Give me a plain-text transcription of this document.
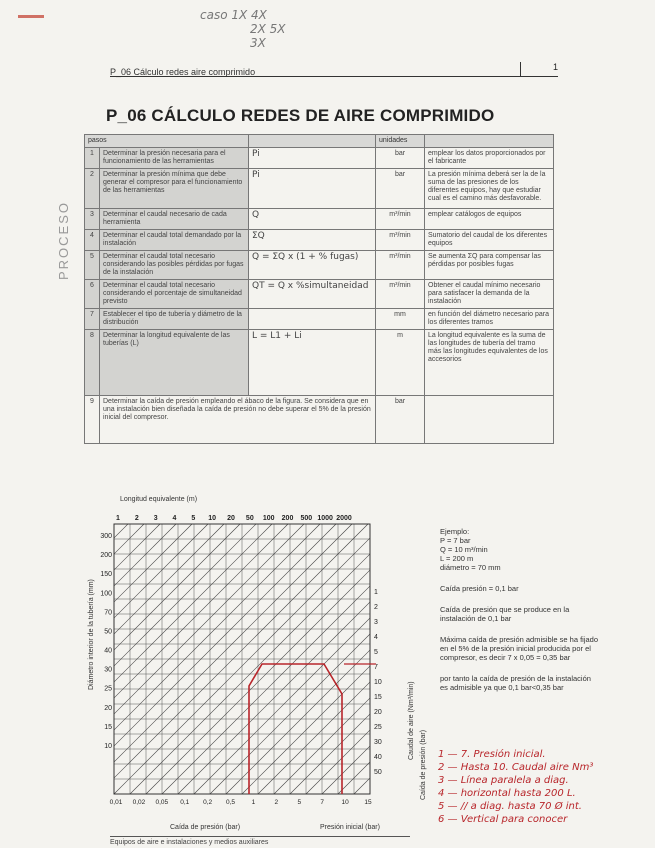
caso 1X 4X
2X 5X
3X
P_06 Cálculo redes aire comprimido	1
P_06 CÁLCULO REDES DE AIRE COMPRIMIDO
PROCESO
pasos			unidades	
1	Determinar la presión necesaria para el funcionamiento de las herramientas	Pi	bar	emplear los datos proporcionados por el fabricante
2	Determinar la presión mínima que debe generar el compresor para el funcionamiento de las herramientas	Pi	bar	La presión mínima deberá ser la de la suma de las presiones de los diferentes equipos, hay que estudiar cual es el camino más desfavorable.
3	Determinar el caudal necesario de cada herramienta	Q	m³/min	emplear catálogos de equipos
4	Determinar el caudal total demandado por la instalación	ΣQ	m³/min	Sumatorio del caudal de los diferentes equipos
5	Determinar el caudal total necesario considerando las posibles pérdidas por fugas de la instalación	Q = ΣQ x (1 + % fugas)	m³/min	Se aumenta ΣQ para compensar las pérdidas por posibles fugas
6	Determinar el caudal total necesario considerando el porcentaje de simultaneidad previsto	QT = Q x %simultaneidad	m³/min	Obtener el caudal mínimo necesario para satisfacer la demanda de la instalación
7	Establecer el tipo de tubería y diámetro de la distribución		mm	en función del diámetro necesario para los diferentes tramos
8	Determinar la longitud equivalente de las tuberías (L)	L = L1 + Li	m	La longitud equivalente es la suma de las longitudes de tubería del tramo más las longitudes equivalentes de los accesorios
9	Determinar la caída de presión empleando el ábaco de la figura. Se considera que en una instalación bien diseñada la caída de presión no debe superar el 5% de la presión inicial del compresor.		bar	
Longitud equivalente (m)
1 2 3 4 5 10 20 50 100 200 500 1000 2000
300
200
150
100
70
50
40
30
25
20
15
10
1
2
3
4
5
7
10
15
20
25
30
40
50
0,01 0,02 0,05 0,1 0,2 0,5	1	2	5	7	10 15
Diámetro interior de la tubería (mm)
Caudal de aire (Nm³/min)
Caída de presión (bar)
Caída de presión (bar)	Presión inicial (bar)
Ejemplo:
P = 7 bar
Q = 10 m³/min
L = 200 m
diámetro = 70 mm
Caída presión = 0,1 bar
Caída de presión que se produce en la instalación de 0,1 bar
Máxima caída de presión admisible se ha fijado en el 5% de la presión inicial producida por el compresor, es decir 7 x 0,05 = 0,35 bar
por tanto la caída de presión de la instalación es admisible ya que 0,1 bar<0,35 bar
1 — 7. Presión inicial.
2 — Hasta 10. Caudal aire Nm³
3 — Línea paralela a diag.
4 — horizontal hasta 200 L.
5 — // a diag. hasta 70 Ø int.
6 — Vertical para conocer
Equipos de aire e instalaciones y medios auxiliares
